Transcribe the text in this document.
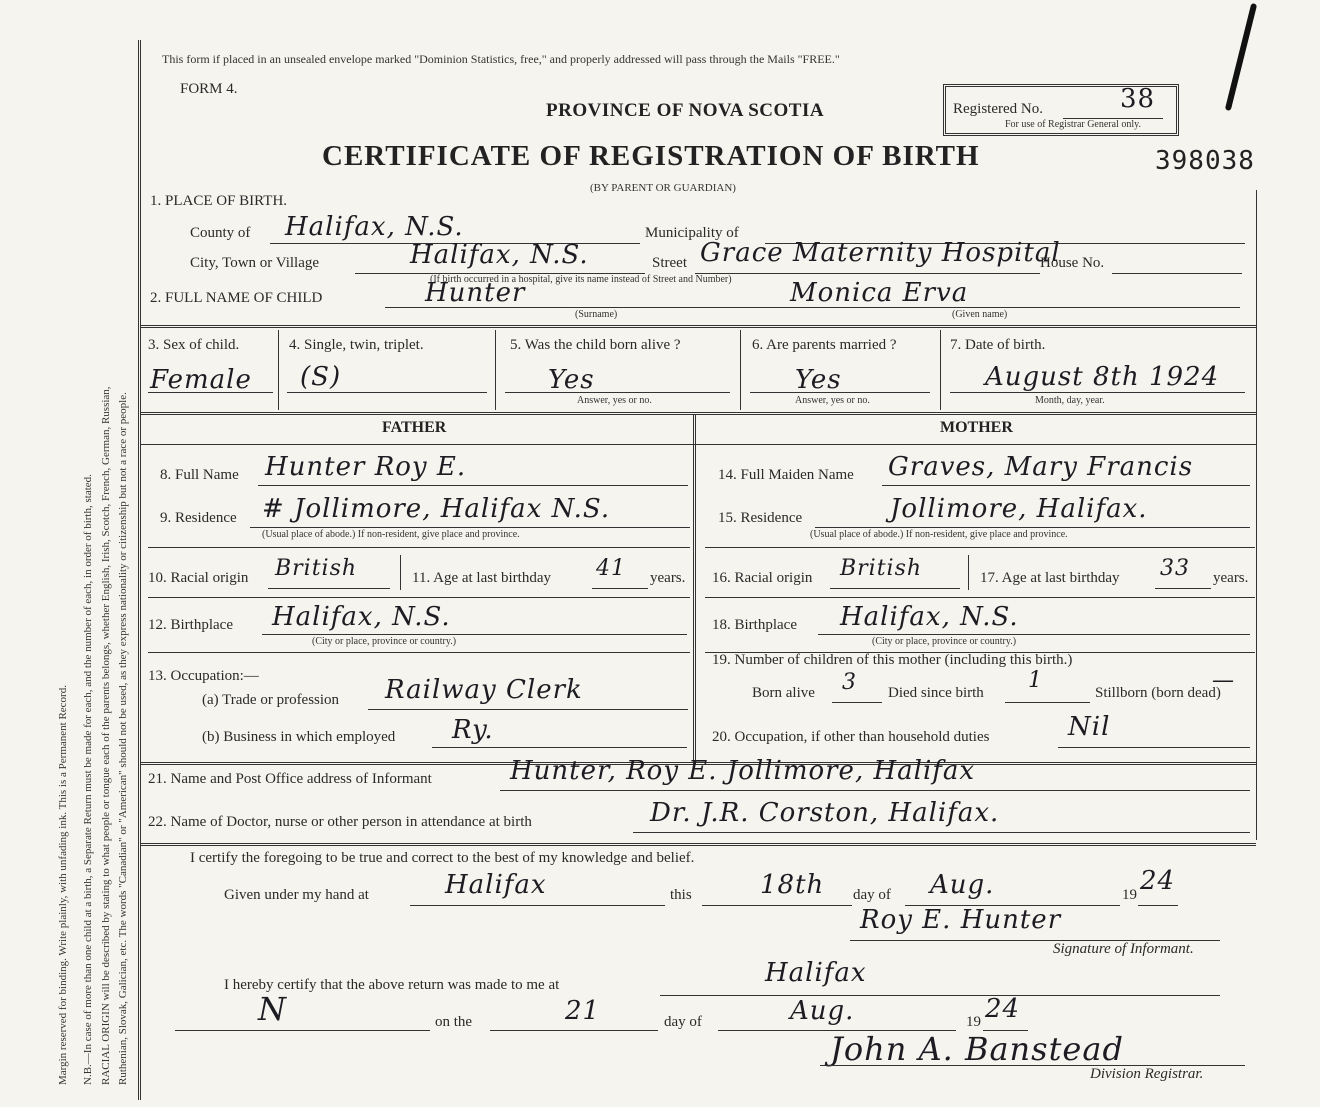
Margin reserved for binding. Write plainly, with unfading ink. This is a Permanent Record. N.B.—In case of more than one child at a birth, a Separate Return must be made for each, and the number of each, in order of birth, stated. RACIAL ORIGIN will be described by stating to what people or tongue each of the parents belongs, whether English, Irish, Scotch, French, German, Russian, Ruthenian, Slovak, Galician, etc. The words "Canadian" or "American" should not be used, as they express nationality or citizenship but not a race or people.
This form if placed in an unsealed envelope marked "Dominion Statistics, free," and properly addressed will pass through the Mails "FREE."
FORM 4.
PROVINCE OF NOVA SCOTIA
CERTIFICATE OF REGISTRATION OF BIRTH
(BY PARENT OR GUARDIAN)
Registered No.	38
For use of Registrar General only.
398038
1. PLACE OF BIRTH.
County of Halifax, N.S.	Municipality of
City, Town or Village	Halifax, N.S.	Street Grace Maternity Hospital
House No.
(If birth occurred in a hospital, give its name instead of Street and Number)
2. FULL NAME OF CHILD	Hunter	Monica Erva
(Surname)	(Given name)
3. Sex of child.
Female
4. Single, twin, triplet.
(S)
5. Was the child born alive ?
Yes
Answer, yes or no.
6. Are parents married ?
Yes
Answer, yes or no.
7. Date of birth.
August 8th 1924
Month, day, year.
FATHER	MOTHER
8. Full Name Hunter Roy E.
9. Residence # Jollimore, Halifax N.S.
(Usual place of abode.) If non-resident, give place and province.
10. Racial origin British	11. Age at last birthday 41 years.
12. Birthplace Halifax, N.S.
(City or place, province or country.)
13. Occupation:—
(a) Trade or profession Railway Clerk
(b) Business in which employed Ry.
14. Full Maiden Name Graves, Mary Francis
15. Residence	Jollimore, Halifax.
(Usual place of abode.) If non-resident, give place and province.
16. Racial origin British	17. Age at last birthday 33 years.
18. Birthplace Halifax, N.S.
(City or place, province or country.)
19. Number of children of this mother (including this birth.)
Born alive 3 Died since birth 1	Stillborn (born dead)
—
20. Occupation, if other than household duties	Nil
21. Name and Post Office address of Informant	Hunter, Roy E. Jollimore, Halifax
22. Name of Doctor, nurse or other person in attendance at birth	Dr. J.R. Corston, Halifax.
I certify the foregoing to be true and correct to the best of my knowledge and belief.
Given under my hand at	Halifax	this	18th day of Aug.	19 24
Roy E. Hunter
Signature of Informant.
I hereby certify that the above return was made to me at	Halifax
N	on the	21	day of	Aug.	19 24
John A. Banstead
Division Registrar.
